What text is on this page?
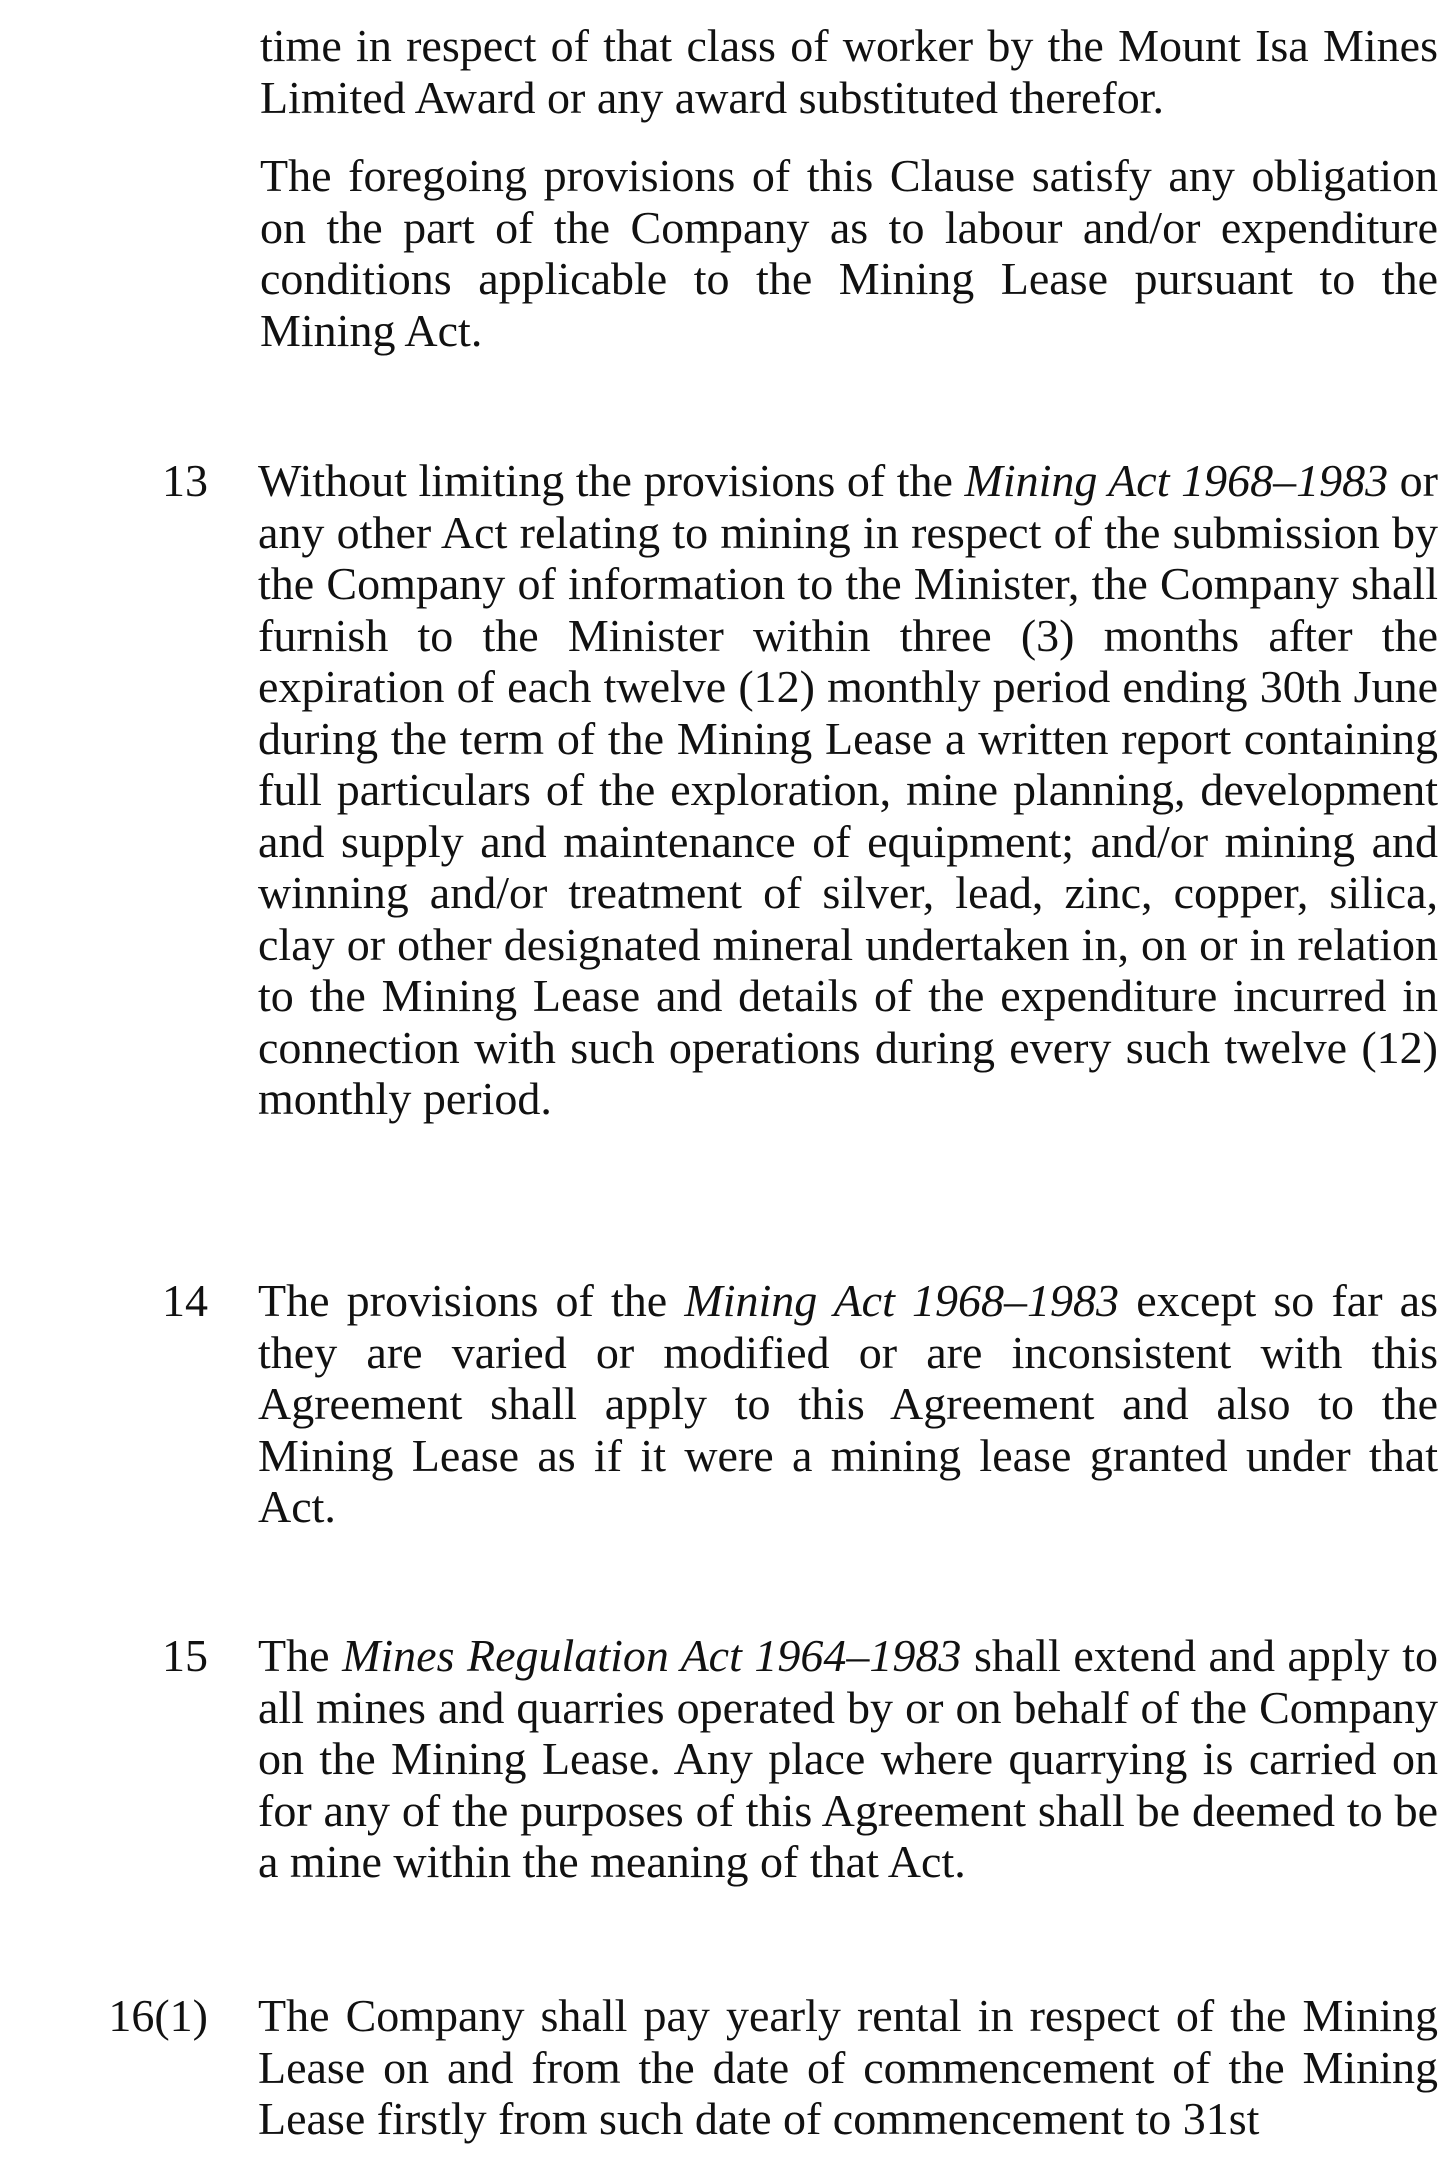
time in respect of that class of worker by the Mount Isa Mines Limited Award or any award substituted therefor.

The foregoing provisions of this Clause satisfy any obligation on the part of the Company as to labour and/or expenditure conditions applicable to the Mining Lease pursuant to the Mining Act.

13 Without limiting the provisions of the Mining Act 1968–1983 or any other Act relating to mining in respect of the submission by the Company of information to the Minister, the Company shall furnish to the Minister within three (3) months after the expiration of each twelve (12) monthly period ending 30th June during the term of the Mining Lease a written report containing full particulars of the exploration, mine planning, development and supply and maintenance of equipment; and/or mining and winning and/or treatment of silver, lead, zinc, copper, silica, clay or other designated mineral undertaken in, on or in relation to the Mining Lease and details of the expenditure incurred in connection with such operations during every such twelve (12) monthly period.

14 The provisions of the Mining Act 1968–1983 except so far as they are varied or modified or are inconsistent with this Agreement shall apply to this Agreement and also to the Mining Lease as if it were a mining lease granted under that Act.

15 The Mines Regulation Act 1964–1983 shall extend and apply to all mines and quarries operated by or on behalf of the Company on the Mining Lease. Any place where quarrying is carried on for any of the purposes of this Agreement shall be deemed to be a mine within the meaning of that Act.

16(1) The Company shall pay yearly rental in respect of the Mining Lease on and from the date of commencement of the Mining Lease firstly from such date of commencement to 31st
